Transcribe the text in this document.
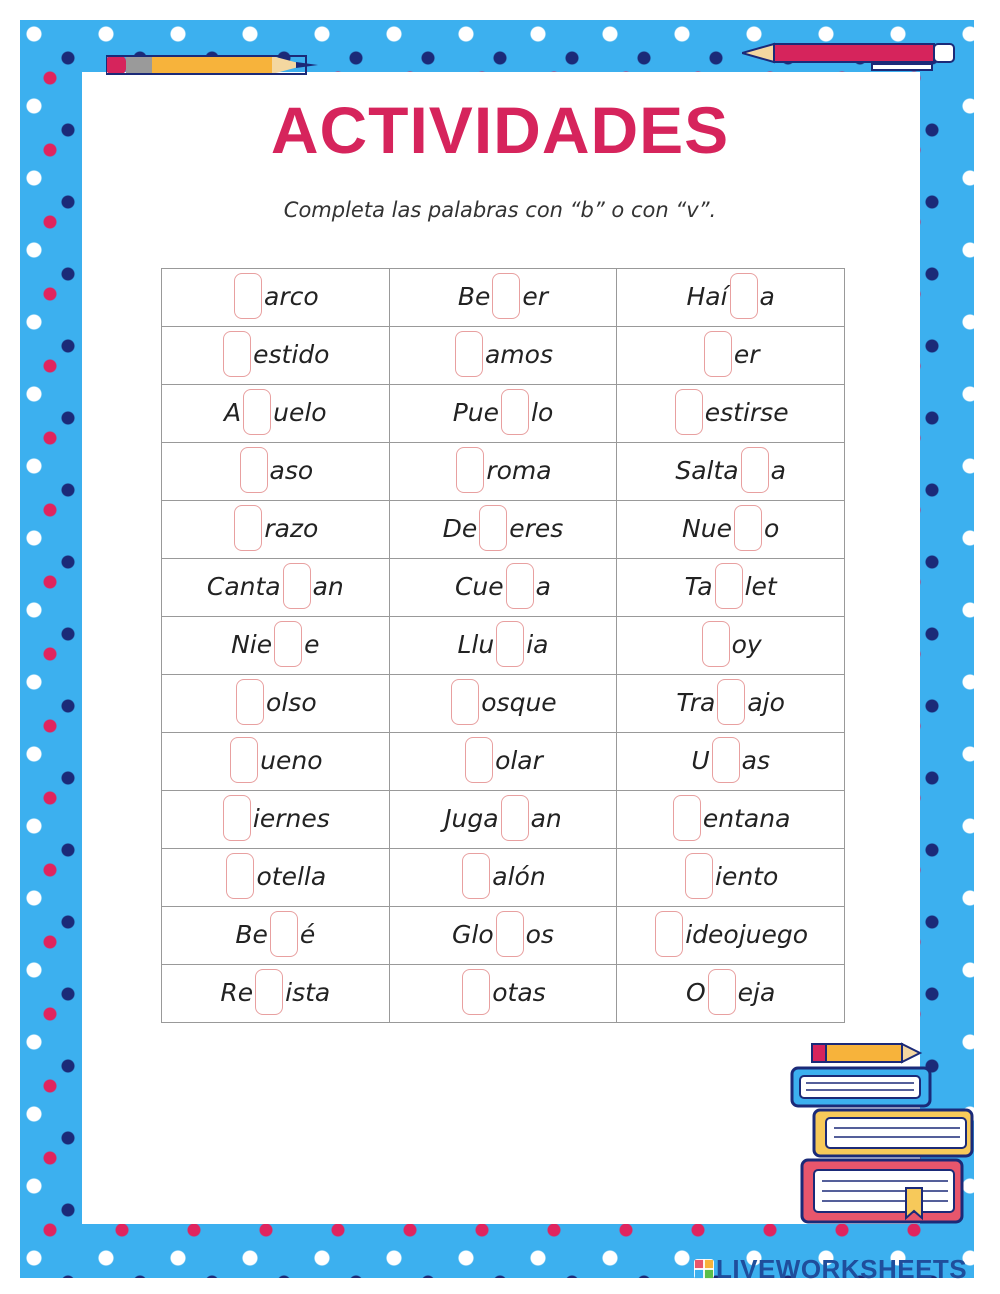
ACTIVIDADES
Completa las palabras con “b” o con “v”.
arco	Be er	Haí a
estido	amos	er
A uelo	Pue lo	estirse
aso	roma	Salta a
razo	De eres	Nue o
Canta an	Cue a	Ta let
Nie e	Llu ia	oy
olso	osque	Tra ajo
ueno	olar	U as
iernes	Juga an	entana
otella	alón	iento
Be é	Glo os	ideojuego
Re ista	otas	O eja
LIVEWORKSHEETS
